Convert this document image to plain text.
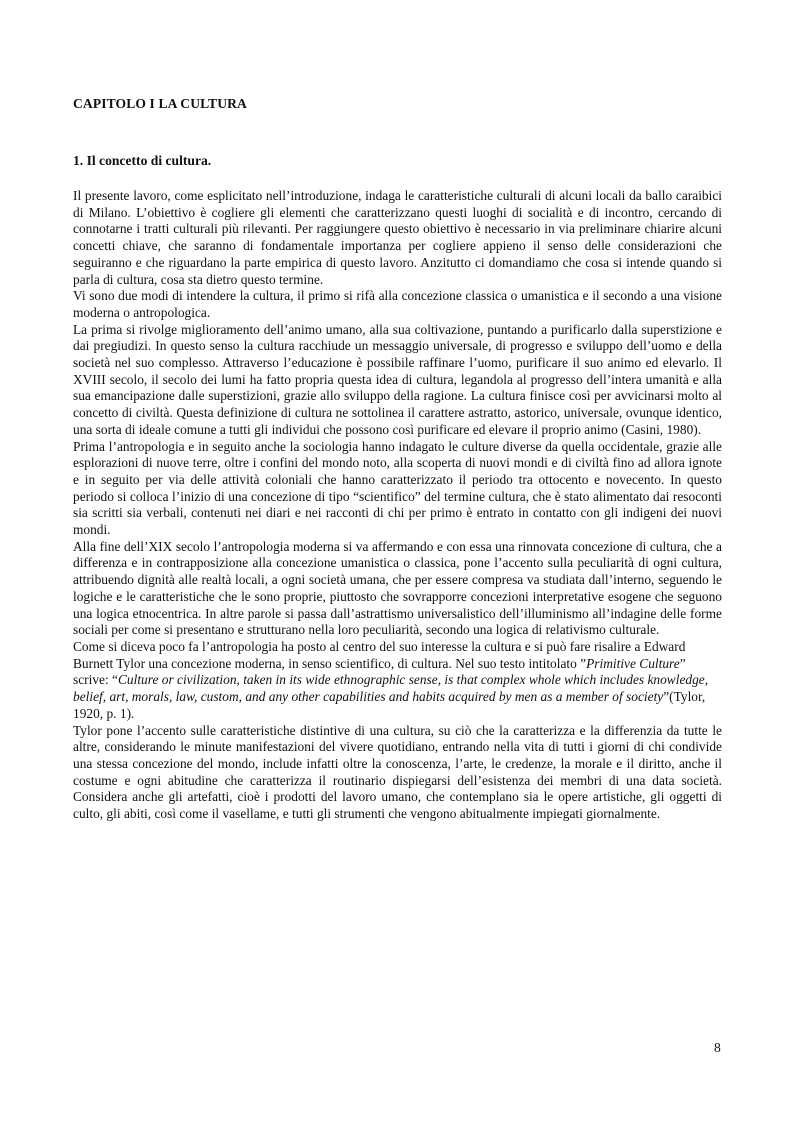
CAPITOLO I LA CULTURA
1. Il concetto di cultura.

Il presente lavoro, come esplicitato nell’introduzione, indaga le caratteristiche culturali di alcuni locali da ballo caraibici di Milano. L’obiettivo è cogliere gli elementi che caratterizzano questi luoghi di socialità e di incontro, cercando di connotarne i tratti culturali più rilevanti. Per raggiungere questo obiettivo è necessario in via preliminare chiarire alcuni concetti chiave, che saranno di fondamentale importanza per cogliere appieno il senso delle considerazioni che seguiranno e che riguardano la parte empirica di questo lavoro. Anzitutto ci domandiamo che cosa si intende quando si parla di cultura, cosa sta dietro questo termine.

Vi sono due modi di intendere la cultura, il primo si rifà alla concezione classica o umanistica e il secondo a una visione moderna o antropologica.

La prima si rivolge miglioramento dell’animo umano, alla sua coltivazione, puntando a purificarlo dalla superstizione e dai pregiudizi. In questo senso la cultura racchiude un messaggio universale, di progresso e sviluppo dell’uomo e della società nel suo complesso. Attraverso l’educazione è possibile raffinare l’uomo, purificare il suo animo ed elevarlo. Il XVIII secolo, il secolo dei lumi ha fatto propria questa idea di cultura, legandola al progresso dell’intera umanità e alla sua emancipazione dalle superstizioni, grazie allo sviluppo della ragione. La cultura finisce così per avvicinarsi molto al concetto di civiltà. Questa definizione di cultura ne sottolinea il carattere astratto, astorico, universale, ovunque identico, una sorta di ideale comune a tutti gli individui che possono così purificare ed elevare il proprio animo (Casini, 1980).

Prima l’antropologia e in seguito anche la sociologia hanno indagato le culture diverse da quella occidentale, grazie alle esplorazioni di nuove terre, oltre i confini del mondo noto, alla scoperta di nuovi mondi e di civiltà fino ad allora ignote e in seguito per via delle attività coloniali che hanno caratterizzato il periodo tra ottocento e novecento. In questo periodo si colloca l’inizio di una concezione di tipo “scientifico” del termine cultura, che è stato alimentato dai resoconti sia scritti sia verbali, contenuti nei diari e nei racconti di chi per primo è entrato in contatto con gli indigeni dei nuovi mondi.

Alla fine dell’XIX secolo l’antropologia moderna si va affermando e con essa una rinnovata concezione di cultura, che a differenza e in contrapposizione alla concezione umanistica o classica, pone l’accento sulla peculiarità di ogni cultura, attribuendo dignità alle realtà locali, a ogni società umana, che per essere compresa va studiata dall’interno, seguendo le logiche e le caratteristiche che le sono proprie, piuttosto che sovrapporre concezioni interpretative esogene che seguono una logica etnocentrica. In altre parole si passa dall’astrattismo universalistico dell’illuminismo all’indagine delle forme sociali per come si presentano e strutturano nella loro peculiarità, secondo una logica di relativismo culturale.

Come si diceva poco fa l’antropologia ha posto al centro del suo interesse la cultura e si può fare risalire a Edward Burnett Tylor una concezione moderna, in senso scientifico, di cultura. Nel suo testo intitolato ”Primitive Culture” scrive: “Culture or civilization, taken in its wide ethnographic sense, is that complex whole which includes knowledge, belief, art, morals, law, custom, and any other capabilities and habits acquired by men as a member of society”(Tylor, 1920, p. 1).

Tylor pone l’accento sulle caratteristiche distintive di una cultura, su ciò che la caratterizza e la differenzia da tutte le altre, considerando le minute manifestazioni del vivere quotidiano, entrando nella vita di tutti i giorni di chi condivide una stessa concezione del mondo, include infatti oltre la conoscenza, l’arte, le credenze, la morale e il diritto, anche il costume e ogni abitudine che caratterizza il routinario dispiegarsi dell’esistenza dei membri di una data società. Considera anche gli artefatti, cioè i prodotti del lavoro umano, che contemplano sia le opere artistiche, gli oggetti di culto, gli abiti, così come il vasellame, e tutti gli strumenti che vengono abitualmente impiegati giornalmente.

8
